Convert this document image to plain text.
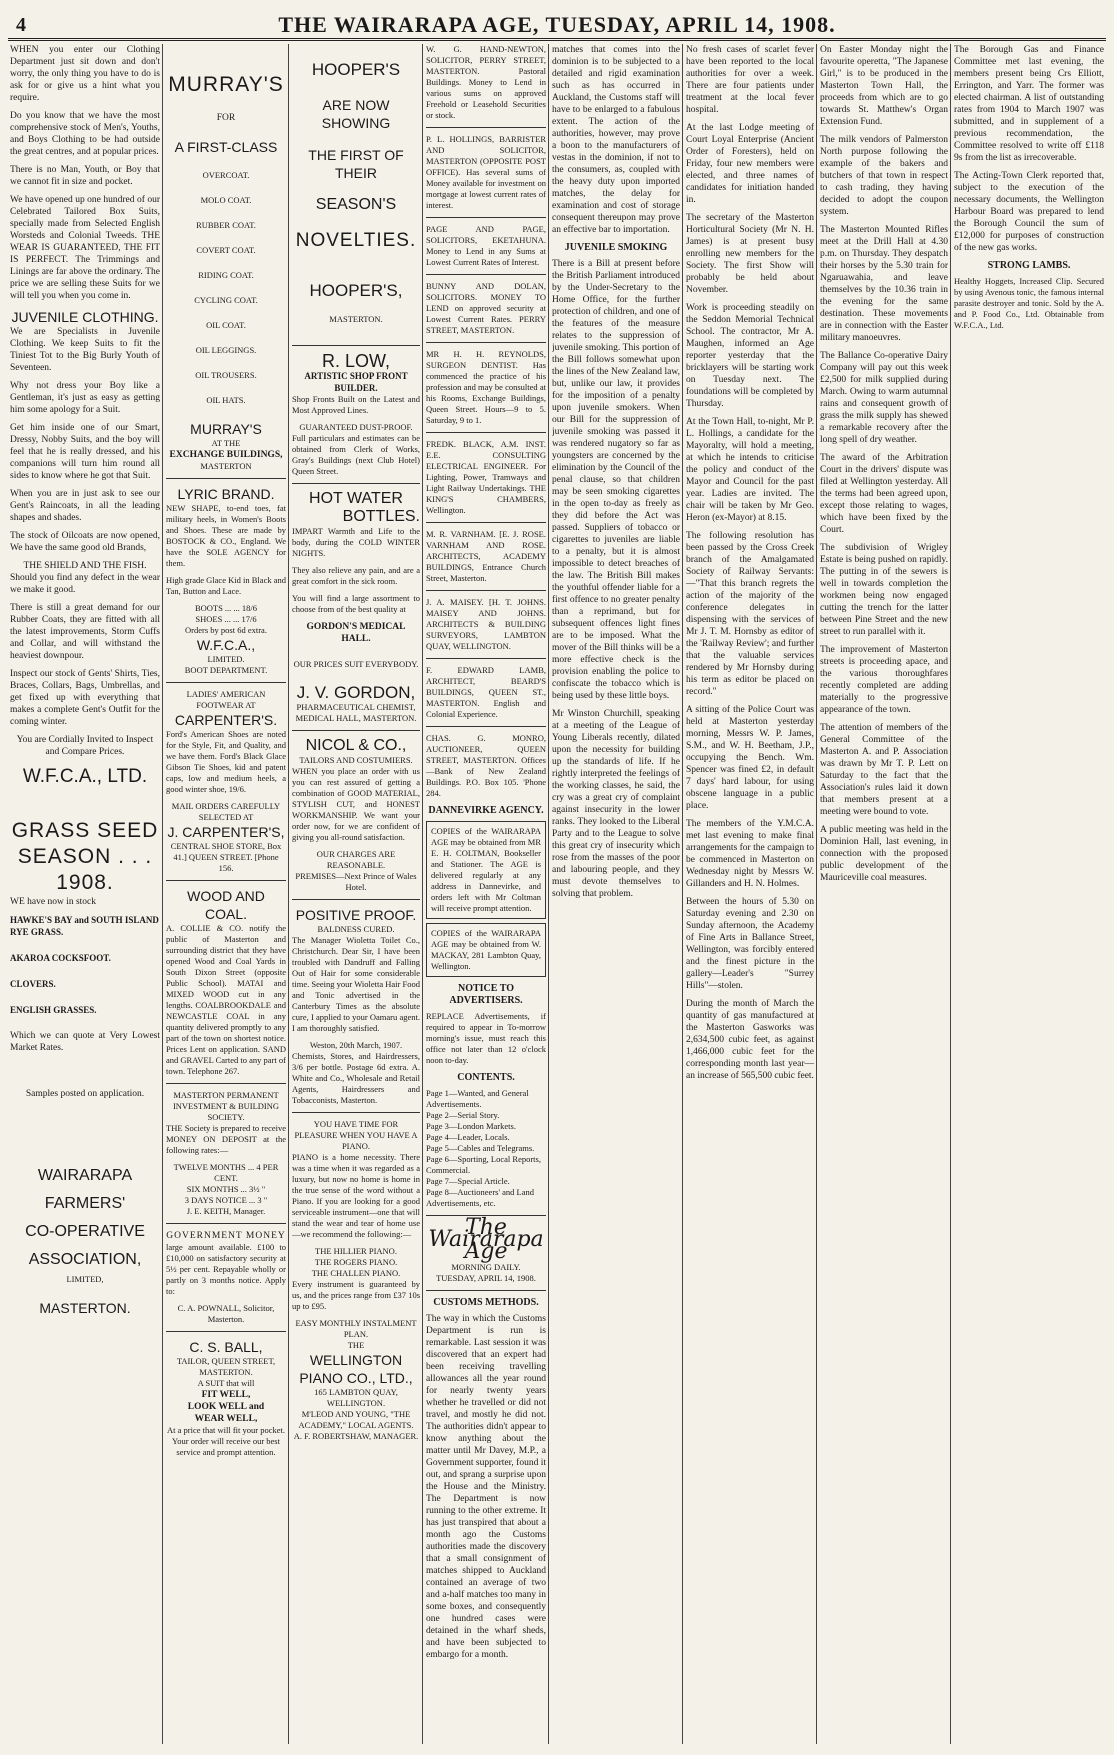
4	THE WAIRARAPA AGE, TUESDAY, APRIL 14, 1908.

WHEN you enter our Clothing Department just sit down and don't worry, the only thing you have to do is ask for or give us a hint what you require.

Do you know that we have the most comprehensive stock of Men's, Youths, and Boys Clothing to be had outside the great centres, and at popular prices.

There is no Man, Youth, or Boy that we cannot fit in size and pocket.

We have opened up one hundred of our Celebrated Tailored Box Suits, specially made from Selected English Worsteds and Colonial Tweeds. THE WEAR IS GUARANTEED, THE FIT IS PERFECT. The Trimmings and Linings are far above the ordinary. The price we are selling these Suits for we will tell you when you come in.

JUVENILE CLOTHING.

We are Specialists in Juvenile Clothing. We keep Suits to fit the Tiniest Tot to the Big Burly Youth of Seventeen.

Why not dress your Boy like a Gentleman, it's just as easy as getting him some apology for a Suit.

Get him inside one of our Smart, Dressy, Nobby Suits, and the boy will feel that he is really dressed, and his companions will turn him round all sides to know where he got that Suit.

When you are in just ask to see our Gent's Raincoats, in all the leading shapes and shades.

The stock of Oilcoats are now opened, We have the same good old Brands,

THE SHIELD AND THE FISH.

Should you find any defect in the wear we make it good.

There is still a great demand for our Rubber Coats, they are fitted with all the latest improvements, Storm Cuffs and Collar, and will withstand the heaviest downpour.

Inspect our stock of Gents' Shirts, Ties, Braces, Collars, Bags, Umbrellas, and get fixed up with everything that makes a complete Gent's Outfit for the coming winter.

You are Cordially Invited to Inspect and Compare Prices.

W.F.C.A., LTD.
GRASS SEED
SEASON . . .
1908.

WE have now in stock

HAWKE'S BAY and SOUTH ISLAND RYE GRASS.
AKAROA COCKSFOOT.
CLOVERS.
ENGLISH GRASSES.

Which we can quote at Very Lowest Market Rates.

Samples posted on application.

WAIRARAPA
FARMERS'
CO-OPERATIVE
ASSOCIATION,
LIMITED,
MASTERTON.
MURRAY'S
FOR
A FIRST-CLASS
OVERCOAT.
MOLO COAT.
RUBBER COAT.
COVERT COAT.
RIDING COAT.
CYCLING COAT.
OIL COAT.
OIL LEGGINGS.
OIL TROUSERS.
OIL HATS.
MURRAY'S
AT THE
EXCHANGE BUILDINGS,
MASTERTON
LYRIC BRAND.

NEW SHAPE, to-end toes, fat military heels, in Women's Boots and Shoes. These are made by BOSTOCK & CO., England. We have the SOLE AGENCY for them.

High grade Glace Kid in Black and Tan, Button and Lace.

BOOTS ... ... 18/6
SHOES ... ... 17/6
Orders by post 6d extra.
W.F.C.A.,
LIMITED.
BOOT DEPARTMENT.
LADIES' AMERICAN FOOTWEAR AT
CARPENTER'S.

Ford's American Shoes are noted for the Style, Fit, and Quality, and we have them. Ford's Black Glace Gibson Tie Shoes, kid and patent caps, low and medium heels, a good winter shoe, 19/6.

MAIL ORDERS CAREFULLY SELECTED AT
J. CARPENTER'S,
CENTRAL SHOE STORE, Box 41.] QUEEN STREET. [Phone 156.
WOOD AND COAL.

A. COLLIE & CO. notify the public of Masterton and surrounding district that they have opened Wood and Coal Yards in South Dixon Street (opposite Public School). MATAI and MIXED WOOD cut in any lengths. COALBROOKDALE and NEWCASTLE COAL in any quantity delivered promptly to any part of the town on shortest notice. Prices Lent on application. SAND and GRAVEL Carted to any part of town. Telephone 267.

MASTERTON PERMANENT INVESTMENT & BUILDING SOCIETY.

THE Society is prepared to receive MONEY ON DEPOSIT at the following rates:—

TWELVE MONTHS ... 4 PER CENT.
SIX MONTHS ... 3½ "
3 DAYS NOTICE ... 3 "
J. E. KEITH, Manager.
GOVERNMENT MONEY

large amount available. £100 to £10,000 on satisfactory security at 5½ per cent. Repayable wholly or partly on 3 months notice. Apply to:

C. A. POWNALL, Solicitor, Masterton.
C. S. BALL,
TAILOR, QUEEN STREET, MASTERTON.
A SUIT that will
FIT WELL,
LOOK WELL and
WEAR WELL,
At a price that will fit your pocket.
Your order will receive our best service and prompt attention.
HOOPER'S
ARE NOW SHOWING
THE FIRST OF THEIR
SEASON'S
NOVELTIES.
HOOPER'S,
MASTERTON.
R. LOW,
ARTISTIC SHOP FRONT BUILDER.

Shop Fronts Built on the Latest and Most Approved Lines.

GUARANTEED DUST-PROOF.

Full particulars and estimates can be obtained from Clerk of Works, Gray's Buildings (next Club Hotel) Queen Street.

HOT WATER
BOTTLES.

IMPART Warmth and Life to the body, during the COLD WINTER NIGHTS.

They also relieve any pain, and are a great comfort in the sick room.

You will find a large assortment to choose from of the best quality at

GORDON'S MEDICAL HALL.
OUR PRICES SUIT EVERYBODY.
J. V. GORDON,
PHARMACEUTICAL CHEMIST,
MEDICAL HALL, MASTERTON.
NICOL & CO.,
TAILORS AND COSTUMIERS.

WHEN you place an order with us you can rest assured of getting a combination of GOOD MATERIAL, STYLISH CUT, and HONEST WORKMANSHIP. We want your order now, for we are confident of giving you all-round satisfaction.

OUR CHARGES ARE REASONABLE.
PREMISES—Next Prince of Wales Hotel.
POSITIVE PROOF.
BALDNESS CURED.

The Manager Wioletta Toilet Co., Christchurch. Dear Sir, I have been troubled with Dandruff and Falling Out of Hair for some considerable time. Seeing your Wioletta Hair Food and Tonic advertised in the Canterbury Times as the absolute cure, I applied to your Oamaru agent. I am thoroughly satisfied.

Weston, 20th March, 1907.

Chemists, Stores, and Hairdressers, 3/6 per bottle. Postage 6d extra. A. White and Co., Wholesale and Retail Agents, Hairdressers and Tobacconists, Masterton.

YOU HAVE TIME FOR PLEASURE WHEN YOU HAVE A PIANO.

PIANO is a home necessity. There was a time when it was regarded as a luxury, but now no home is home in the true sense of the word without a Piano. If you are looking for a good serviceable instrument—one that will stand the wear and tear of home use—we recommend the following:—

THE HILLIER PIANO.
THE ROGERS PIANO.
THE CHALLEN PIANO.

Every instrument is guaranteed by us, and the prices range from £37 10s up to £95.

EASY MONTHLY INSTALMENT PLAN.
THE
WELLINGTON PIANO CO., LTD.,
165 LAMBTON QUAY, WELLINGTON.
M'LEOD AND YOUNG, "THE ACADEMY," LOCAL AGENTS.
A. F. ROBERTSHAW, MANAGER.

W. G. HAND-NEWTON, SOLICITOR, PERRY STREET, MASTERTON. Pastoral Buildings. Money to Lend in various sums on approved Freehold or Leasehold Securities or stock.

P. L. HOLLINGS, BARRISTER AND SOLICITOR, MASTERTON (OPPOSITE POST OFFICE). Has several sums of Money available for investment on mortgage at lowest current rates of interest.

PAGE AND PAGE, SOLICITORS, EKETAHUNA. Money to Lend in any Sums at Lowest Current Rates of Interest.

BUNNY AND DOLAN, SOLICITORS. MONEY TO LEND on approved security at Lowest Current Rates. PERRY STREET, MASTERTON.

MR H. H. REYNOLDS, SURGEON DENTIST. Has commenced the practice of his profession and may be consulted at his Rooms, Exchange Buildings, Queen Street. Hours—9 to 5. Saturday, 9 to 1.

FREDK. BLACK, A.M. INST. E.E. CONSULTING ELECTRICAL ENGINEER. For Lighting, Power, Tramways and Light Railway Undertakings. THE KING'S CHAMBERS, Wellington.

M. R. VARNHAM. [E. J. ROSE. VARNHAM AND ROSE. ARCHITECTS, ACADEMY BUILDINGS, Entrance Church Street, Masterton.

J. A. MAISEY. [H. T. JOHNS. MAISEY AND JOHNS. ARCHITECTS & BUILDING SURVEYORS, LAMBTON QUAY, WELLINGTON.

F. EDWARD LAMB, ARCHITECT, BEARD'S BUILDINGS, QUEEN ST., MASTERTON. English and Colonial Experience.

CHAS. G. MONRO, AUCTIONEER, QUEEN STREET, MASTERTON. Offices—Bank of New Zealand Buildings. P.O. Box 105. 'Phone 284.

DANNEVIRKE AGENCY.

COPIES of the WAIRARAPA AGE may be obtained from MR E. H. COLTMAN, Bookseller and Stationer. The AGE is delivered regularly at any address in Dannevirke, and orders left with Mr Coltman will receive prompt attention.

COPIES of the WAIRARAPA AGE may be obtained from W. MACKAY, 281 Lambton Quay, Wellington.

NOTICE TO ADVERTISERS.

REPLACE Advertisements, if required to appear in To-morrow morning's issue, must reach this office not later than 12 o'clock noon to-day.

CONTENTS.
Page 1—Wanted, and General Advertisements.
Page 2—Serial Story.
Page 3—London Markets.
Page 4—Leader, Locals.
Page 5—Cables and Telegrams.
Page 6—Sporting, Local Reports, Commercial.
Page 7—Special Article.
Page 8—Auctioneers' and Land Advertisements, etc.
The Wairarapa Age
MORNING DAILY.
TUESDAY, APRIL 14, 1908.
CUSTOMS METHODS.

The way in which the Customs Department is run is remarkable. Last session it was discovered that an expert had been receiving travelling allowances all the year round for nearly twenty years whether he travelled or did not travel, and mostly he did not. The authorities didn't appear to know anything about the matter until Mr Davey, M.P., a Government supporter, found it out, and sprang a surprise upon the House and the Ministry. The Department is now running to the other extreme. It has just transpired that about a month ago the Customs authorities made the discovery that a small consignment of matches shipped to Auckland contained an average of two and a-half matches too many in some boxes, and consequently one hundred cases were detained in the wharf sheds, and have been subjected to embargo for a month.

matches that comes into the dominion is to be subjected to a detailed and rigid examination such as has occurred in Auckland, the Customs staff will have to be enlarged to a fabulous extent. The action of the authorities, however, may prove a boon to the manufacturers of vestas in the dominion, if not to the consumers, as, coupled with the heavy duty upon imported matches, the delay for examination and cost of storage consequent thereupon may prove an effective bar to importation.

JUVENILE SMOKING

There is a Bill at present before the British Parliament introduced by the Under-Secretary to the Home Office, for the further protection of children, and one of the features of the measure relates to the suppression of juvenile smoking. This portion of the Bill follows somewhat upon the lines of the New Zealand law, but, unlike our law, it provides for the imposition of a penalty upon juvenile smokers. When our Bill for the suppression of juvenile smoking was passed it was rendered nugatory so far as youngsters are concerned by the elimination by the Council of the penal clause, so that children may be seen smoking cigarettes in the open to-day as freely as they did before the Act was passed. Suppliers of tobacco or cigarettes to juveniles are liable to a penalty, but it is almost impossible to detect breaches of the law. The British Bill makes the youthful offender liable for a first offence to no greater penalty than a reprimand, but for subsequent offences light fines are to be imposed. What the mover of the Bill thinks will be a more effective check is the provision enabling the police to confiscate the tobacco which is being used by these little boys.

Mr Winston Churchill, speaking at a meeting of the League of Young Liberals recently, dilated upon the necessity for building up the standards of life. If he rightly interpreted the feelings of the working classes, he said, the cry was a great cry of complaint against insecurity in the lower ranks. They looked to the Liberal Party and to the League to solve this great cry of insecurity which rose from the masses of the poor and labouring people, and they must devote themselves to solving that problem.

No fresh cases of scarlet fever have been reported to the local authorities for over a week. There are four patients under treatment at the local fever hospital.

At the last Lodge meeting of Court Loyal Enterprise (Ancient Order of Foresters), held on Friday, four new members were elected, and three names of candidates for initiation handed in.

The secretary of the Masterton Horticultural Society (Mr N. H. James) is at present busy enrolling new members for the Society. The first Show will probably be held about November.

Work is proceeding steadily on the Seddon Memorial Technical School. The contractor, Mr A. Maughen, informed an Age reporter yesterday that the bricklayers will be starting work on Tuesday next. The foundations will be completed by Thursday.

At the Town Hall, to-night, Mr P. L. Hollings, a candidate for the Mayoralty, will hold a meeting, at which he intends to criticise the policy and conduct of the Mayor and Council for the past year. Ladies are invited. The chair will be taken by Mr Geo. Heron (ex-Mayor) at 8.15.

The following resolution has been passed by the Cross Creek branch of the Amalgamated Society of Railway Servants:—"That this branch regrets the action of the majority of the conference delegates in dispensing with the services of Mr J. T. M. Hornsby as editor of the 'Railway Review'; and further that the valuable services rendered by Mr Hornsby during his term as editor be placed on record."

A sitting of the Police Court was held at Masterton yesterday morning, Messrs W. P. James, S.M., and W. H. Beetham, J.P., occupying the Bench. Wm. Spencer was fined £2, in default 7 days' hard labour, for using obscene language in a public place.

The members of the Y.M.C.A. met last evening to make final arrangements for the campaign to be commenced in Masterton on Wednesday night by Messrs W. Gillanders and H. N. Holmes.

Between the hours of 5.30 on Saturday evening and 2.30 on Sunday afternoon, the Academy of Fine Arts in Ballance Street, Wellington, was forcibly entered and the finest picture in the gallery—Leader's "Surrey Hills"—stolen.

During the month of March the quantity of gas manufactured at the Masterton Gasworks was 2,634,500 cubic feet, as against 1,466,000 cubic feet for the corresponding month last year—an increase of 565,500 cubic feet.

On Easter Monday night the favourite operetta, "The Japanese Girl," is to be produced in the Masterton Town Hall, the proceeds from which are to go towards St. Matthew's Organ Extension Fund.

The milk vendors of Palmerston North purpose following the example of the bakers and butchers of that town in respect to cash trading, they having decided to adopt the coupon system.

The Masterton Mounted Rifles meet at the Drill Hall at 4.30 p.m. on Thursday. They despatch their horses by the 5.30 train for Ngaruawahia, and leave themselves by the 10.36 train in the evening for the same destination. These movements are in connection with the Easter military manoeuvres.

The Ballance Co-operative Dairy Company will pay out this week £2,500 for milk supplied during March. Owing to warm autumnal rains and consequent growth of grass the milk supply has shewed a remarkable recovery after the long spell of dry weather.

The award of the Arbitration Court in the drivers' dispute was filed at Wellington yesterday. All the terms had been agreed upon, except those relating to wages, which have been fixed by the Court.

The subdivision of Wrigley Estate is being pushed on rapidly. The putting in of the sewers is well in towards completion the workmen being now engaged cutting the trench for the latter between Pine Street and the new street to run parallel with it.

The improvement of Masterton streets is proceeding apace, and the various thoroughfares recently completed are adding materially to the progressive appearance of the town.

The attention of members of the General Committee of the Masterton A. and P. Association was drawn by Mr T. P. Lett on Saturday to the fact that the Association's rules laid it down that members present at a meeting were bound to vote.

A public meeting was held in the Dominion Hall, last evening, in connection with the proposed public development of the Mauriceville coal measures.

The Borough Gas and Finance Committee met last evening, the members present being Crs Elliott, Errington, and Yarr. The former was elected chairman. A list of outstanding rates from 1904 to March 1907 was submitted, and in supplement of a previous recommendation, the Committee resolved to write off £118 9s from the list as irrecoverable.

The Acting-Town Clerk reported that, subject to the execution of the necessary documents, the Wellington Harbour Board was prepared to lend the Borough Council the sum of £12,000 for purposes of construction of the new gas works.

STRONG LAMBS.

Healthy Hoggets, Increased Clip. Secured by using Avenous tonic, the famous internal parasite destroyer and tonic. Sold by the A. and P. Food Co., Ltd. Obtainable from W.F.C.A., Ltd.
